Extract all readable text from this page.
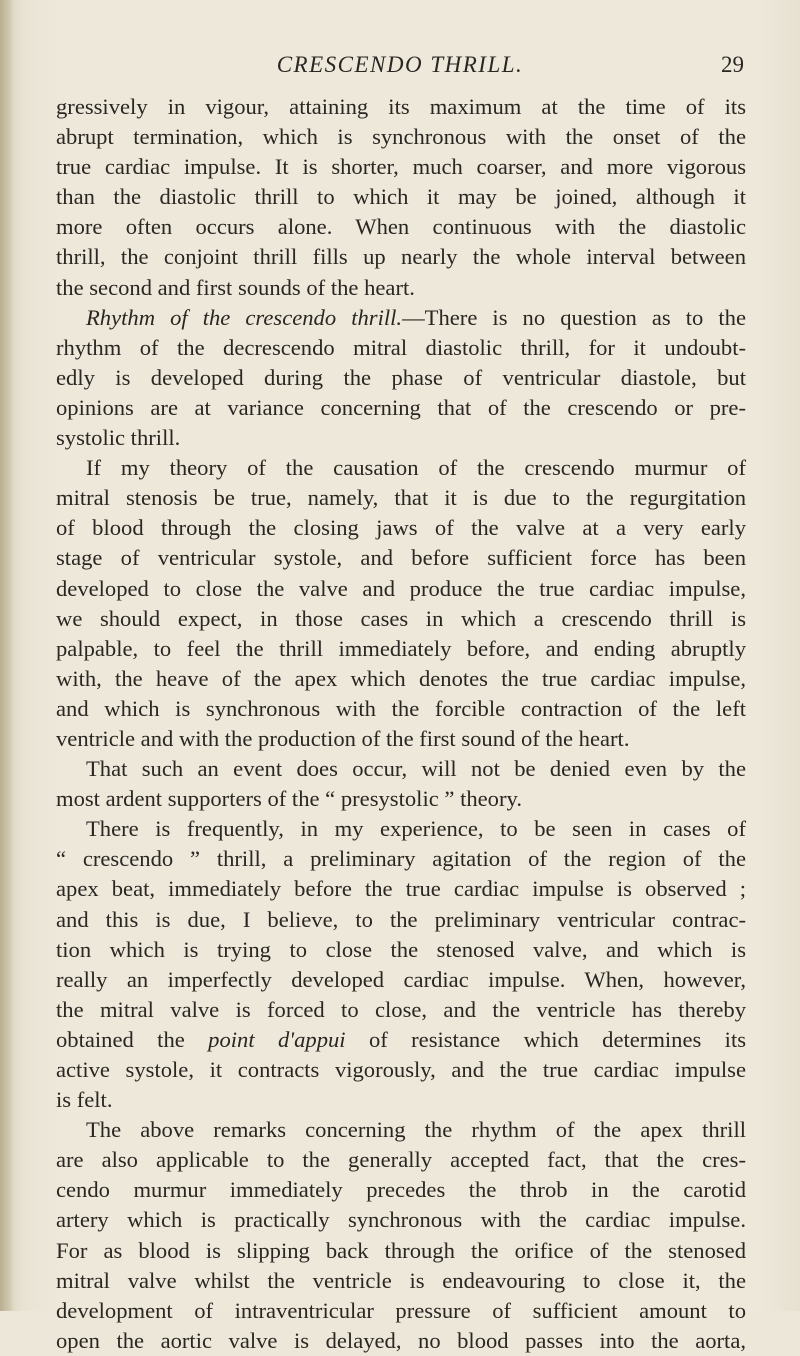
CRESCENDO THRILL.	29
gressively in vigour, attaining its maximum at the time of its
abrupt termination, which is synchronous with the onset of the
true cardiac impulse. It is shorter, much coarser, and more vigorous
than the diastolic thrill to which it may be joined, although it
more often occurs alone. When continuous with the diastolic
thrill, the conjoint thrill fills up nearly the whole interval between
the second and first sounds of the heart.
Rhythm of the crescendo thrill.—There is no question as to the
rhythm of the decrescendo mitral diastolic thrill, for it undoubt-
edly is developed during the phase of ventricular diastole, but
opinions are at variance concerning that of the crescendo or pre-
systolic thrill.
If my theory of the causation of the crescendo murmur of
mitral stenosis be true, namely, that it is due to the regurgitation
of blood through the closing jaws of the valve at a very early
stage of ventricular systole, and before sufficient force has been
developed to close the valve and produce the true cardiac impulse,
we should expect, in those cases in which a crescendo thrill is
palpable, to feel the thrill immediately before, and ending abruptly
with, the heave of the apex which denotes the true cardiac impulse,
and which is synchronous with the forcible contraction of the left
ventricle and with the production of the first sound of the heart.
That such an event does occur, will not be denied even by the
most ardent supporters of the “ presystolic ” theory.
There is frequently, in my experience, to be seen in cases of
“ crescendo ” thrill, a preliminary agitation of the region of the
apex beat, immediately before the true cardiac impulse is observed ;
and this is due, I believe, to the preliminary ventricular contrac-
tion which is trying to close the stenosed valve, and which is
really an imperfectly developed cardiac impulse. When, however,
the mitral valve is forced to close, and the ventricle has thereby
obtained the point d'appui of resistance which determines its
active systole, it contracts vigorously, and the true cardiac impulse
is felt.
The above remarks concerning the rhythm of the apex thrill
are also applicable to the generally accepted fact, that the cres-
cendo murmur immediately precedes the throb in the carotid
artery which is practically synchronous with the cardiac impulse.
For as blood is slipping back through the orifice of the stenosed
mitral valve whilst the ventricle is endeavouring to close it, the
development of intraventricular pressure of sufficient amount to
open the aortic valve is delayed, no blood passes into the aorta,
